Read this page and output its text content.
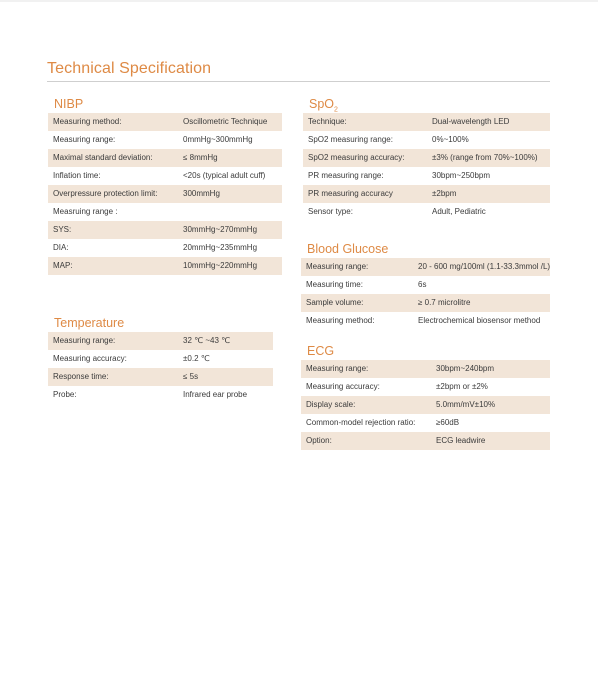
Technical Specification
NIBP
Measuring method:	Oscillometric Technique
Measuring range:	0mmHg~300mmHg
Maximal standard deviation:	≤ 8mmHg
Inflation time:	<20s (typical adult cuff)
Overpressure protection limit:	300mmHg
Measruing range :	
SYS:	30mmHg~270mmHg
DIA:	20mmHg~235mmHg
MAP:	10mmHg~220mmHg
Temperature
Measuring range:	32 ℃ ~43 ℃
Measuring accuracy:	±0.2 ℃
Response time:	≤ 5s
Probe:	Infrared ear probe
SpO$_2$
Technique:	Dual-wavelength LED
SpO2 measuring range:	0%~100%
SpO2 measuring accuracy:	±3% (range from 70%~100%)
PR measuring range:	30bpm~250bpm
PR measuring accuracy	±2bpm
Sensor type:	Adult, Pediatric
Blood Glucose
Measuring range:	20 - 600 mg/100ml (1.1-33.3mmol /L)
Measuring time:	6s
Sample volume:	≥ 0.7 microlitre
Measuring method:	Electrochemical biosensor method
ECG
Measuring range:	30bpm~240bpm
Measuring accuracy:	±2bpm or ±2%
Display scale:	5.0mm/mV±10%
Common-model rejection ratio:	≥60dB
Option:	ECG leadwire
